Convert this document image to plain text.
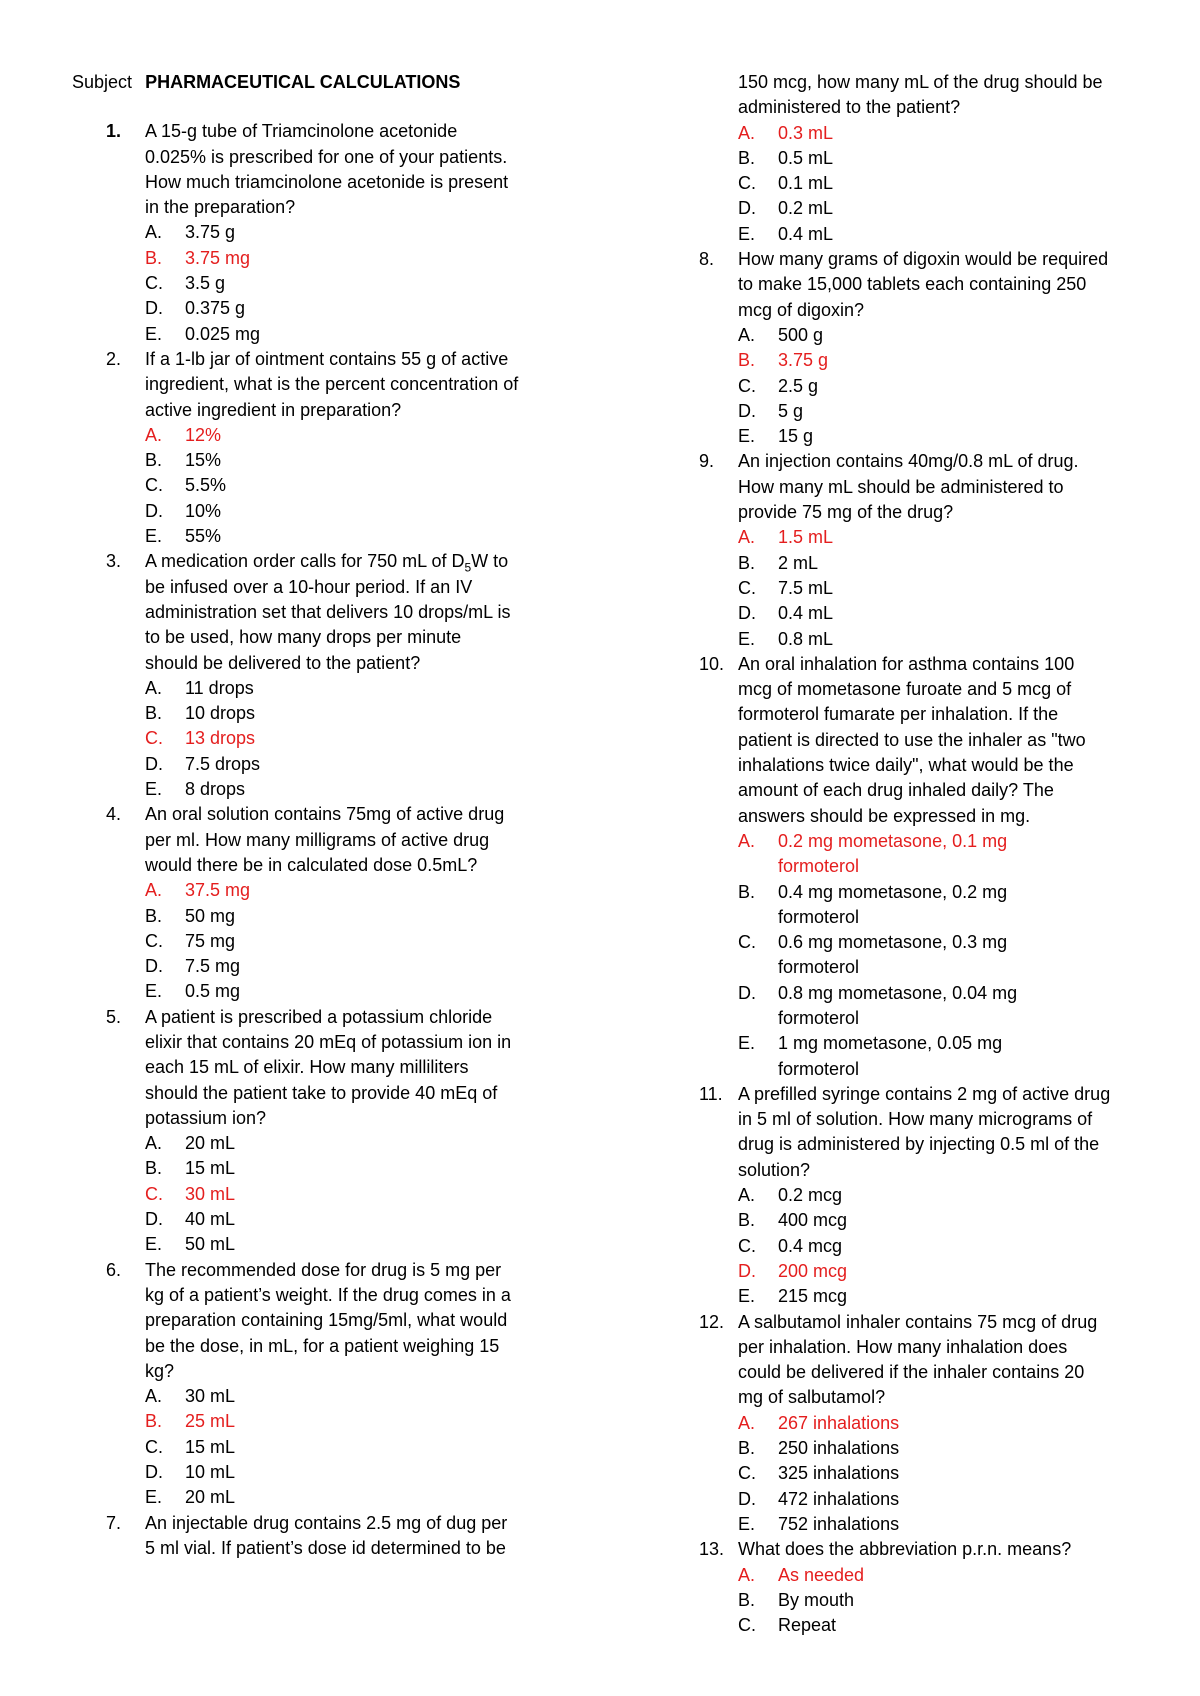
Subject PHARMACEUTICAL CALCULATIONS
1. A 15-g tube of Triamcinolone acetonide
0.025% is prescribed for one of your patients.
How much triamcinolone acetonide is present
in the preparation?
A. 3.75 g
B. 3.75 mg
C. 3.5 g
D. 0.375 g
E. 0.025 mg
2. If a 1-lb jar of ointment contains 55 g of active
ingredient, what is the percent concentration of
active ingredient in preparation?
A. 12%
B. 15%
C. 5.5%
D. 10%
E. 55%
3. A medication order calls for 750 mL of $D_5W$ to
be infused over a 10-hour period. If an IV
administration set that delivers 10 drops/mL is
to be used, how many drops per minute
should be delivered to the patient?
A. 11 drops
B. 10 drops
C. 13 drops
D. 7.5 drops
E. 8 drops
4. An oral solution contains 75mg of active drug
per ml. How many milligrams of active drug
would there be in calculated dose 0.5mL?
A. 37.5 mg
B. 50 mg
C. 75 mg
D. 7.5 mg
E. 0.5 mg
5. A patient is prescribed a potassium chloride
elixir that contains 20 mEq of potassium ion in
each 15 mL of elixir. How many milliliters
should the patient take to provide 40 mEq of
potassium ion?
A. 20 mL
B. 15 mL
C. 30 mL
D. 40 mL
E. 50 mL
6. The recommended dose for drug is 5 mg per
kg of a patient’s weight. If the drug comes in a
preparation containing 15mg/5ml, what would
be the dose, in mL, for a patient weighing 15
kg?
A. 30 mL
B. 25 mL
C. 15 mL
D. 10 mL
E. 20 mL
7. An injectable drug contains 2.5 mg of dug per
5 ml vial. If patient’s dose id determined to be
150 mcg, how many mL of the drug should be
administered to the patient?
A. 0.3 mL
B. 0.5 mL
C. 0.1 mL
D. 0.2 mL
E. 0.4 mL
8. How many grams of digoxin would be required
to make 15,000 tablets each containing 250
mcg of digoxin?
A. 500 g
B. 3.75 g
C. 2.5 g
D. 5 g
E. 15 g
9. An injection contains 40mg/0.8 mL of drug.
How many mL should be administered to
provide 75 mg of the drug?
A. 1.5 mL
B. 2 mL
C. 7.5 mL
D. 0.4 mL
E. 0.8 mL
10. An oral inhalation for asthma contains 100
mcg of mometasone furoate and 5 mcg of
formoterol fumarate per inhalation. If the
patient is directed to use the inhaler as "two
inhalations twice daily", what would be the
amount of each drug inhaled daily? The
answers should be expressed in mg.
A. 0.2 mg mometasone, 0.1 mg
formoterol
B. 0.4 mg mometasone, 0.2 mg
formoterol
C. 0.6 mg mometasone, 0.3 mg
formoterol
D. 0.8 mg mometasone, 0.04 mg
formoterol
E. 1 mg mometasone, 0.05 mg
formoterol
11. A prefilled syringe contains 2 mg of active drug
in 5 ml of solution. How many micrograms of
drug is administered by injecting 0.5 ml of the
solution?
A. 0.2 mcg
B. 400 mcg
C. 0.4 mcg
D. 200 mcg
E. 215 mcg
12. A salbutamol inhaler contains 75 mcg of drug
per inhalation. How many inhalation does
could be delivered if the inhaler contains 20
mg of salbutamol?
A. 267 inhalations
B. 250 inhalations
C. 325 inhalations
D. 472 inhalations
E. 752 inhalations
13. What does the abbreviation p.r.n. means?
A. As needed
B. By mouth
C. Repeat
